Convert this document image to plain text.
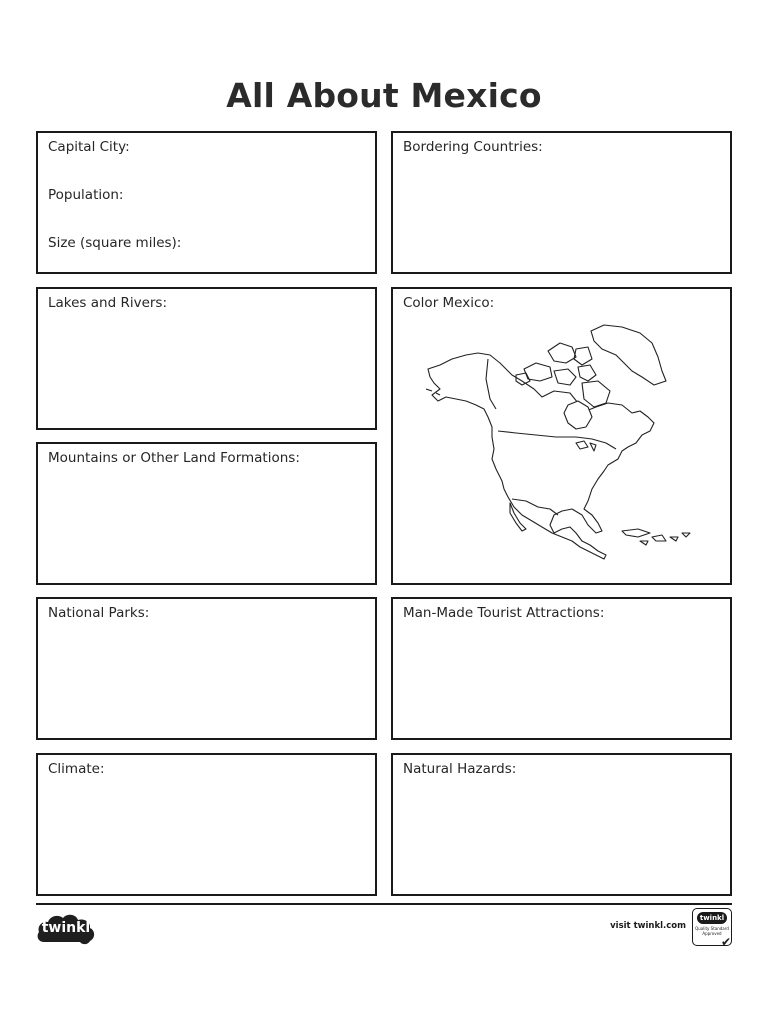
All About Mexico
Capital City:
Population:
Size (square miles):
Bordering Countries:
Lakes and Rivers:	Color Mexico:
Mountains or Other Land Formations:
National Parks:	Man-Made Tourist Attractions:
Climate:	Natural Hazards:
twinkl	visit twinkl.com
twinkl
Quality Standard
Approved
✔
